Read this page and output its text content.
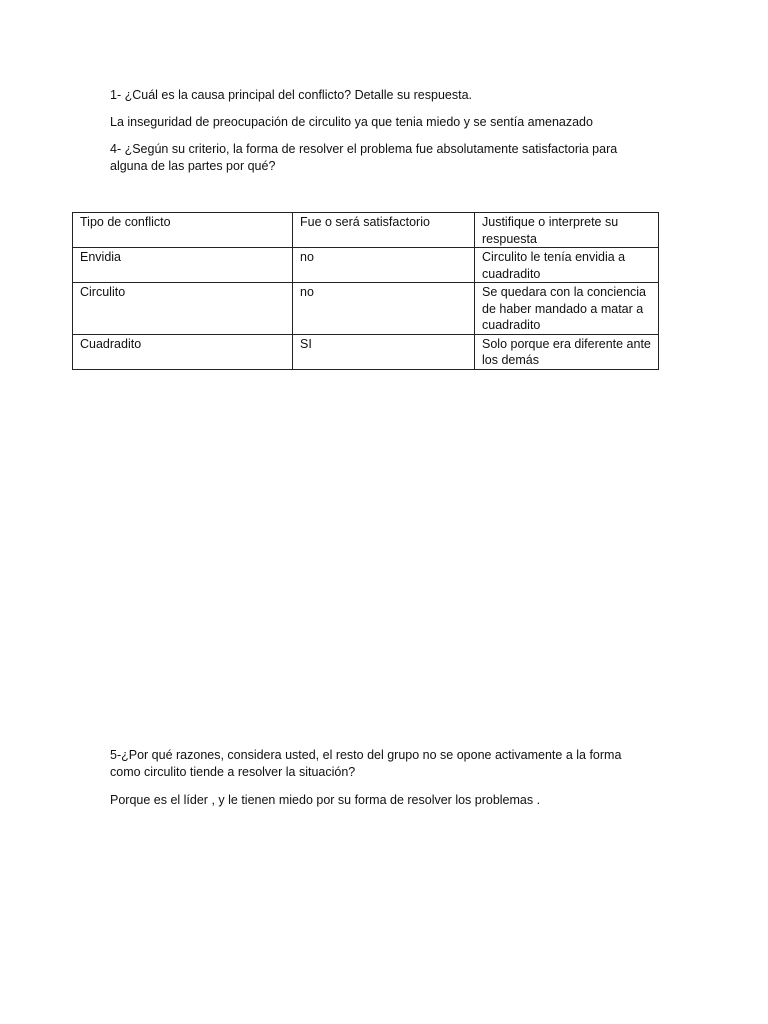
1- ¿Cuál es la causa principal del conflicto? Detalle su respuesta.

La inseguridad de preocupación de circulito ya que tenia miedo y se sentía amenazado

4- ¿Según su criterio, la forma de resolver el problema fue absolutamente satisfactoria para alguna de las partes por qué?

Tipo de conflicto	Fue o será satisfactorio	Justifique o interprete su respuesta
Envidia	no	Circulito le tenía envidia a cuadradito
Circulito	no	Se quedara con la conciencia de haber mandado a matar a cuadradito
Cuadradito	SI	Solo porque era diferente ante los demás

5-¿Por qué razones, considera usted, el resto del grupo no se opone activamente a la forma como circulito tiende a resolver la situación?

Porque es el líder , y le tienen miedo por su forma de resolver los problemas .
